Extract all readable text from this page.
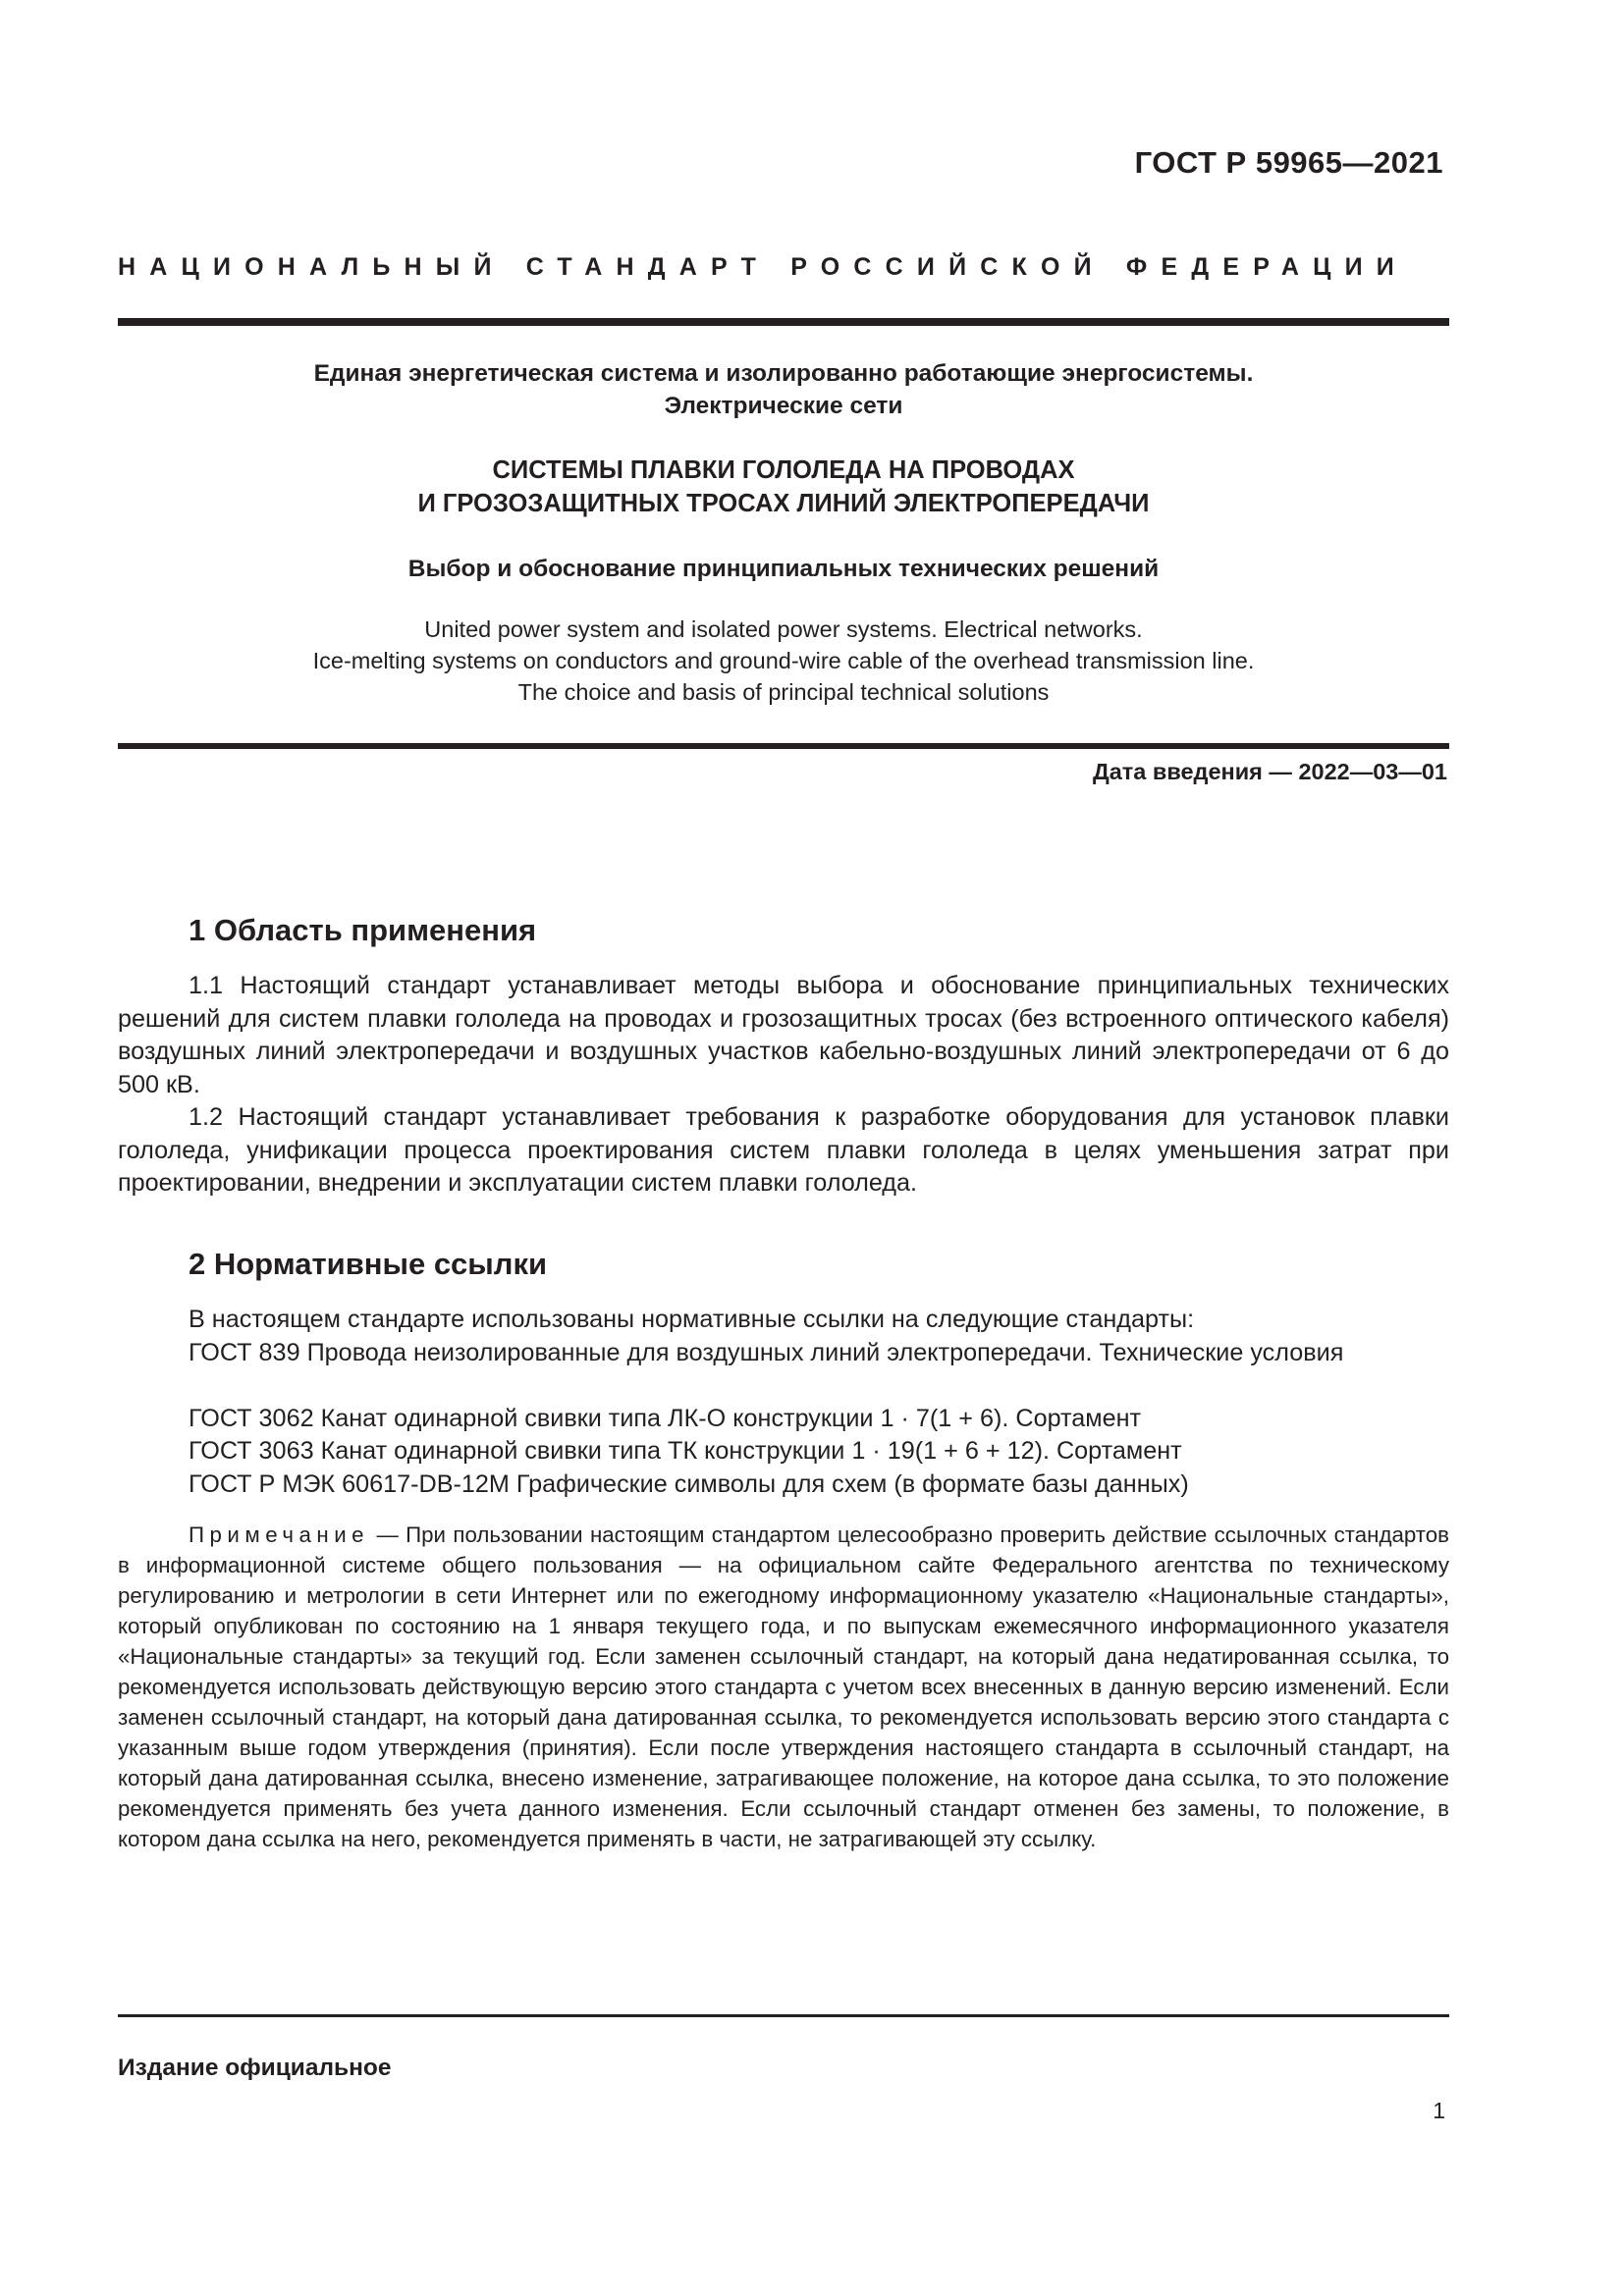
ГОСТ Р 59965—2021
НАЦИОНАЛЬНЫЙ СТАНДАРТ РОССИЙСКОЙ ФЕДЕРАЦИИ
Единая энергетическая система и изолированно работающие энергосистемы.
Электрические сети
СИСТЕМЫ ПЛАВКИ ГОЛОЛЕДА НА ПРОВОДАХ
И ГРОЗОЗАЩИТНЫХ ТРОСАХ ЛИНИЙ ЭЛЕКТРОПЕРЕДАЧИ
Выбор и обоснование принципиальных технических решений
United power system and isolated power systems. Electrical networks.
Ice-melting systems on conductors and ground-wire cable of the overhead transmission line.
The choice and basis of principal technical solutions
Дата введения — 2022—03—01
1 Область применения
1.1 Настоящий стандарт устанавливает методы выбора и обоснование принципиальных технических решений для систем плавки гололеда на проводах и грозозащитных тросах (без встроенного оптического кабеля) воздушных линий электропередачи и воздушных участков кабельно-воздушных линий электропередачи от 6 до 500 кВ.
1.2 Настоящий стандарт устанавливает требования к разработке оборудования для установок плавки гололеда, унификации процесса проектирования систем плавки гололеда в целях уменьшения затрат при проектировании, внедрении и эксплуатации систем плавки гололеда.
2 Нормативные ссылки
В настоящем стандарте использованы нормативные ссылки на следующие стандарты:
ГОСТ 839 Провода неизолированные для воздушных линий электропередачи. Технические условия
ГОСТ 3062 Канат одинарной свивки типа ЛК-О конструкции 1 · 7(1 + 6). Сортамент
ГОСТ 3063 Канат одинарной свивки типа ТК конструкции 1 · 19(1 + 6 + 12). Сортамент
ГОСТ Р МЭК 60617-DB-12M Графические символы для схем (в формате базы данных)
Примечание — При пользовании настоящим стандартом целесообразно проверить действие ссылочных стандартов в информационной системе общего пользования — на официальном сайте Федерального агентства по техническому регулированию и метрологии в сети Интернет или по ежегодному информационному указателю «Национальные стандарты», который опубликован по состоянию на 1 января текущего года, и по выпускам ежемесячного информационного указателя «Национальные стандарты» за текущий год. Если заменен ссылочный стандарт, на который дана недатированная ссылка, то рекомендуется использовать действующую версию этого стандарта с учетом всех внесенных в данную версию изменений. Если заменен ссылочный стандарт, на который дана датированная ссылка, то рекомендуется использовать версию этого стандарта с указанным выше годом утверждения (принятия). Если после утверждения настоящего стандарта в ссылочный стандарт, на который дана датированная ссылка, внесено изменение, затрагивающее положение, на которое дана ссылка, то это положение рекомендуется применять без учета данного изменения. Если ссылочный стандарт отменен без замены, то положение, в котором дана ссылка на него, рекомендуется применять в части, не затрагивающей эту ссылку.
Издание официальное
1
